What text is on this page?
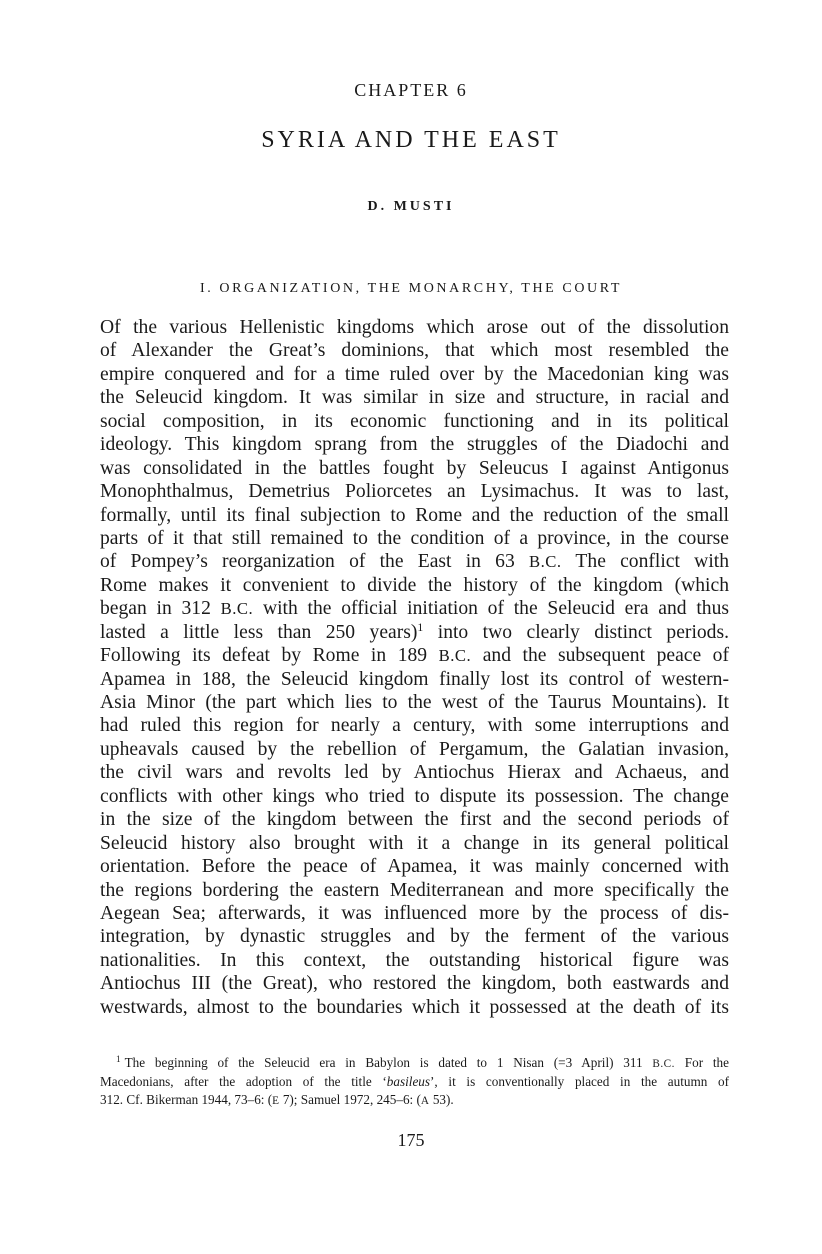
CHAPTER 6
SYRIA AND THE EAST
D. MUSTI
I. ORGANIZATION, THE MONARCHY, THE COURT
Of the various Hellenistic kingdoms which arose out of the dissolution
of Alexander the Great’s dominions, that which most resembled the
empire conquered and for a time ruled over by the Macedonian king was
the Seleucid kingdom. It was similar in size and structure, in racial and
social composition, in its economic functioning and in its political
ideology. This kingdom sprang from the struggles of the Diadochi and
was consolidated in the battles fought by Seleucus I against Antigonus
Monophthalmus, Demetrius Poliorcetes an Lysimachus. It was to last,
formally, until its final subjection to Rome and the reduction of the small
parts of it that still remained to the condition of a province, in the course
of Pompey’s reorganization of the East in 63 B.C. The conflict with
Rome makes it convenient to divide the history of the kingdom (which
began in 312 B.C. with the official initiation of the Seleucid era and thus
lasted a little less than 250 years)$^1$ into two clearly distinct periods.
Following its defeat by Rome in 189 B.C. and the subsequent peace of
Apamea in 188, the Seleucid kingdom finally lost its control of western-
Asia Minor (the part which lies to the west of the Taurus Mountains). It
had ruled this region for nearly a century, with some interruptions and
upheavals caused by the rebellion of Pergamum, the Galatian invasion,
the civil wars and revolts led by Antiochus Hierax and Achaeus, and
conflicts with other kings who tried to dispute its possession. The change
in the size of the kingdom between the first and the second periods of
Seleucid history also brought with it a change in its general political
orientation. Before the peace of Apamea, it was mainly concerned with
the regions bordering the eastern Mediterranean and more specifically the
Aegean Sea; afterwards, it was influenced more by the process of dis-
integration, by dynastic struggles and by the ferment of the various
nationalities. In this context, the outstanding historical figure was
Antiochus III (the Great), who restored the kingdom, both eastwards and
westwards, almost to the boundaries which it possessed at the death of its
$^1$ The beginning of the Seleucid era in Babylon is dated to 1 Nisan (=3 April) 311 B.C. For the
Macedonians, after the adoption of the title ‘basileus’, it is conventionally placed in the autumn of
312. Cf. Bikerman 1944, 73–6: (E 7); Samuel 1972, 245–6: (A 53).
175
